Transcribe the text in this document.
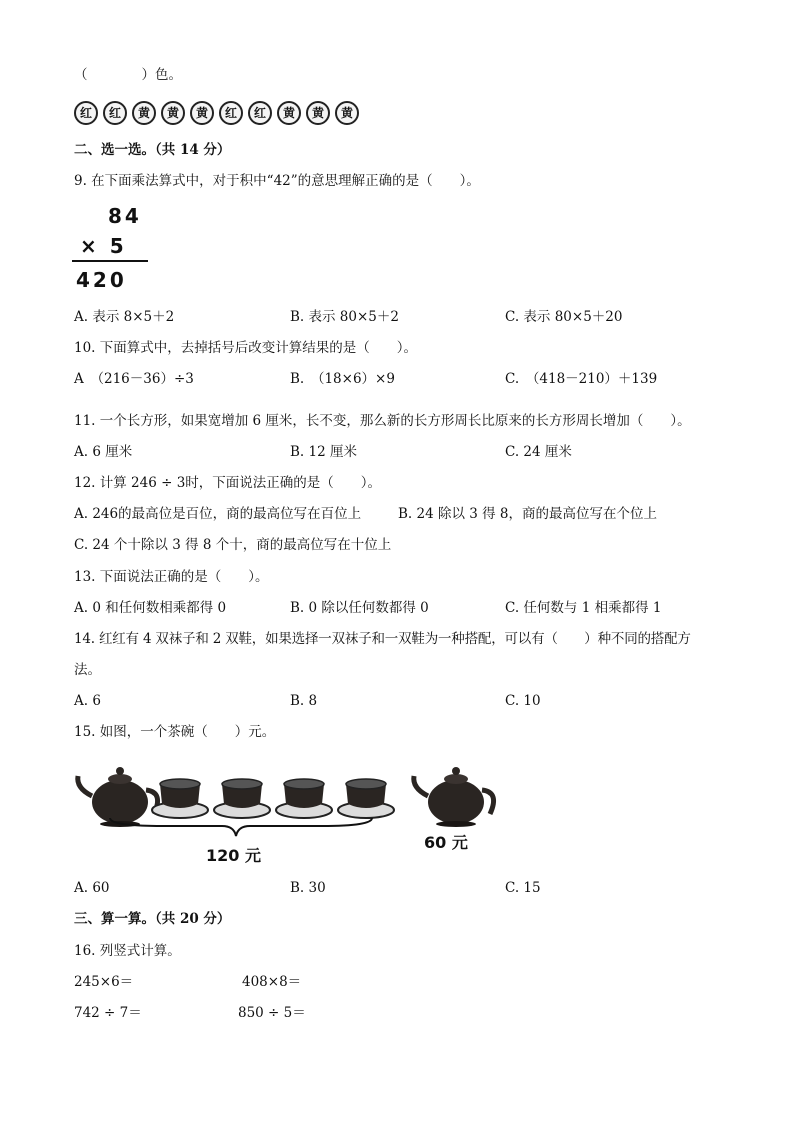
（　　　　）色。
红	红	黄	黄	黄	红	红	黄	黄	黄
二、选一选。（共 14 分）
9. 在下面乘法算式中，对于积中“42”的意思理解正确的是（　　）。
84
× 5
420
A. 表示 8×5＋2	B. 表示 80×5＋2	C. 表示 80×5＋20
10. 下面算式中，去掉括号后改变计算结果的是（　　）。
A　（216－36）÷3	B.　（18×6）×9	C.　（418－210）＋139
11. 一个长方形，如果宽增加 6 厘米，长不变，那么新的长方形周长比原来的长方形周长增加（　　）。
A. 6 厘米	B. 12 厘米	C. 24 厘米
12. 计算 246 ÷ 3时，下面说法正确的是（　　）。
A. 246的最高位是百位，商的最高位写在百位上	B. 24 除以 3 得 8，商的最高位写在个位上
C. 24 个十除以 3 得 8 个十，商的最高位写在十位上
13. 下面说法正确的是（　　）。
A. 0 和任何数相乘都得 0	B. 0 除以任何数都得 0	C. 任何数与 1 相乘都得 1
14. 红红有 4 双袜子和 2 双鞋，如果选择一双袜子和一双鞋为一种搭配，可以有（　　）种不同的搭配方
法。
A. 6	B. 8	C. 10
15. 如图，一个茶碗（　　）元。
120 元
60 元
A. 60	B. 30	C. 15
三、算一算。（共 20 分）
16. 列竖式计算。
245×6＝	408×8＝
742 ÷ 7＝	850 ÷ 5＝
